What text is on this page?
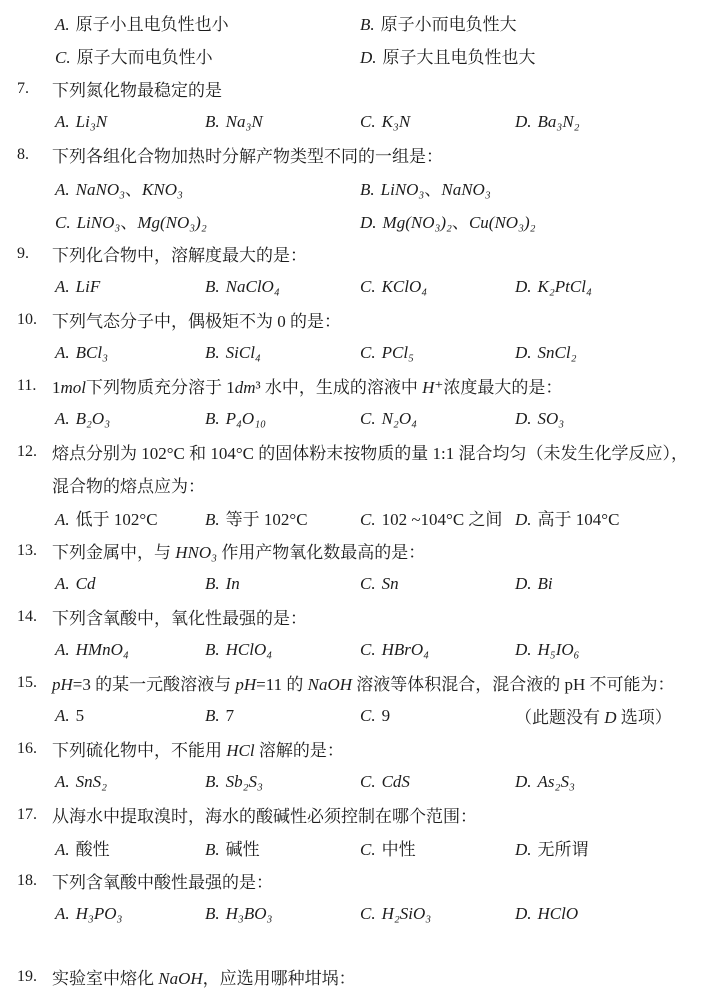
A. 原子小且电负性也小	B. 原子小而电负性大
C. 原子大而电负性小	D. 原子大且电负性也大
7. 下列氮化物最稳定的是
A. Li₃N	B. Na₃N	C. K₃N	D. Ba₃N₂
8. 下列各组化合物加热时分解产物类型不同的一组是：
A. NaNO₃、KNO₃	B. LiNO₃、NaNO₃
C. LiNO₃、Mg(NO₃)₂	D. Mg(NO₃)₂、Cu(NO₃)₂
9. 下列化合物中，溶解度最大的是：
A. LiF	B. NaClO₄	C. KClO₄	D. K₂PtCl₄
10. 下列气态分子中，偶极矩不为 0 的是：
A. BCl₃	B. SiCl₄	C. PCl₅	D. SnCl₂
11. 1mol下列物质充分溶于 1dm³ 水中，生成的溶液中 H⁺浓度最大的是：
A. B₂O₃	B. P₄O₁₀	C. N₂O₄	D. SO₃
12. 熔点分别为 102°C 和 104°C 的固体粉末按物质的量 1:1 混合均匀（未发生化学反应），
混合物的熔点应为：
A. 低于 102°C	B. 等于 102°C	C. 102 ~104°C 之间 D. 高于 104°C
13. 下列金属中，与 HNO₃ 作用产物氧化数最高的是：
A. Cd	B. In	C. Sn	D. Bi
14. 下列含氧酸中，氧化性最强的是：
A. HMnO₄	B. HClO₄	C. HBrO₄	D. H₅IO₆
15. pH=3 的某一元酸溶液与 pH=11 的 NaOH 溶液等体积混合，混合液的 pH 不可能为：
A. 5	B. 7	C. 9	（此题没有 D 选项）
16. 下列硫化物中，不能用 HCl 溶解的是：
A. SnS₂	B. Sb₂S₃	C. CdS	D. As₂S₃
17. 从海水中提取溴时，海水的酸碱性必须控制在哪个范围：
A. 酸性	B. 碱性	C. 中性	D. 无所谓
18. 下列含氧酸中酸性最强的是：
A. H₃PO₃	B. H₃BO₃	C. H₂SiO₃	D. HClO
19. 实验室中熔化 NaOH，应选用哪种坩埚：
